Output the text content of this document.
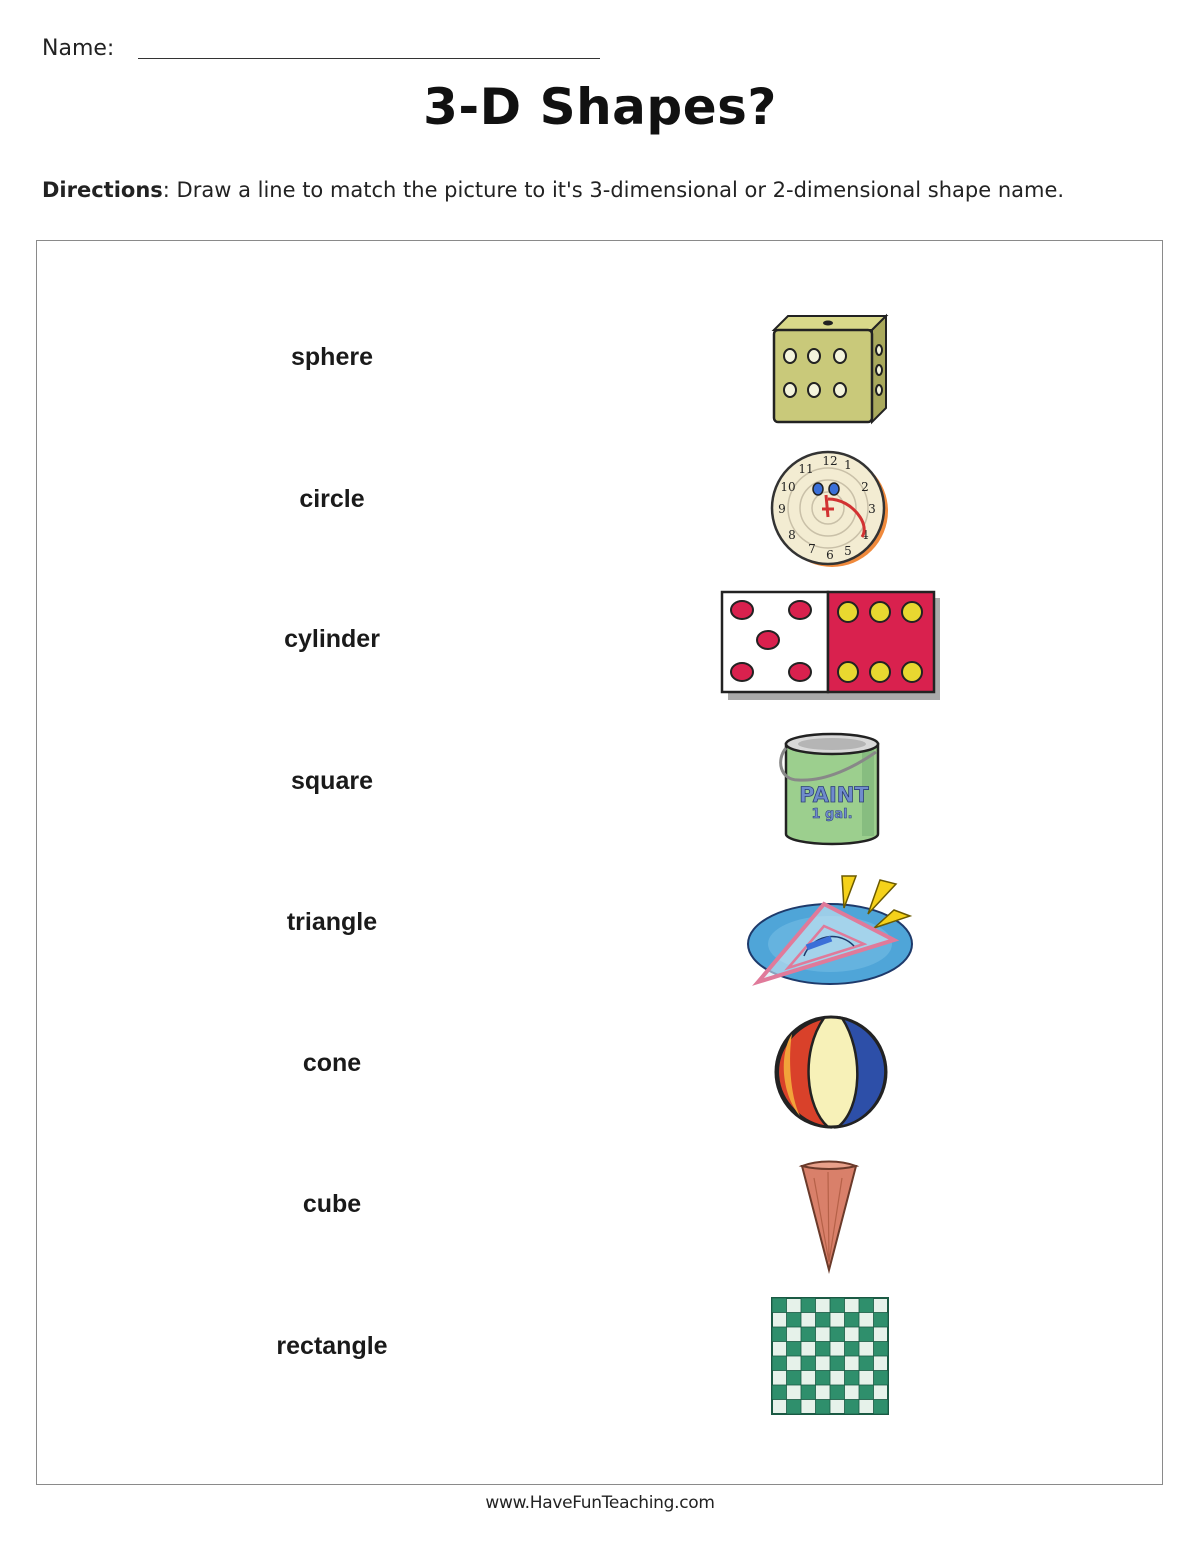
Name:
3-D Shapes?
Directions: Draw a line to match the picture to it's 3-dimensional or 2-dimensional shape name.
sphere
circle
cylinder
square
triangle
cone
cube
rectangle
12 1
2
3
4
5
6
7
8
9
10
11
PAINT
1 gal.
www.HaveFunTeaching.com
